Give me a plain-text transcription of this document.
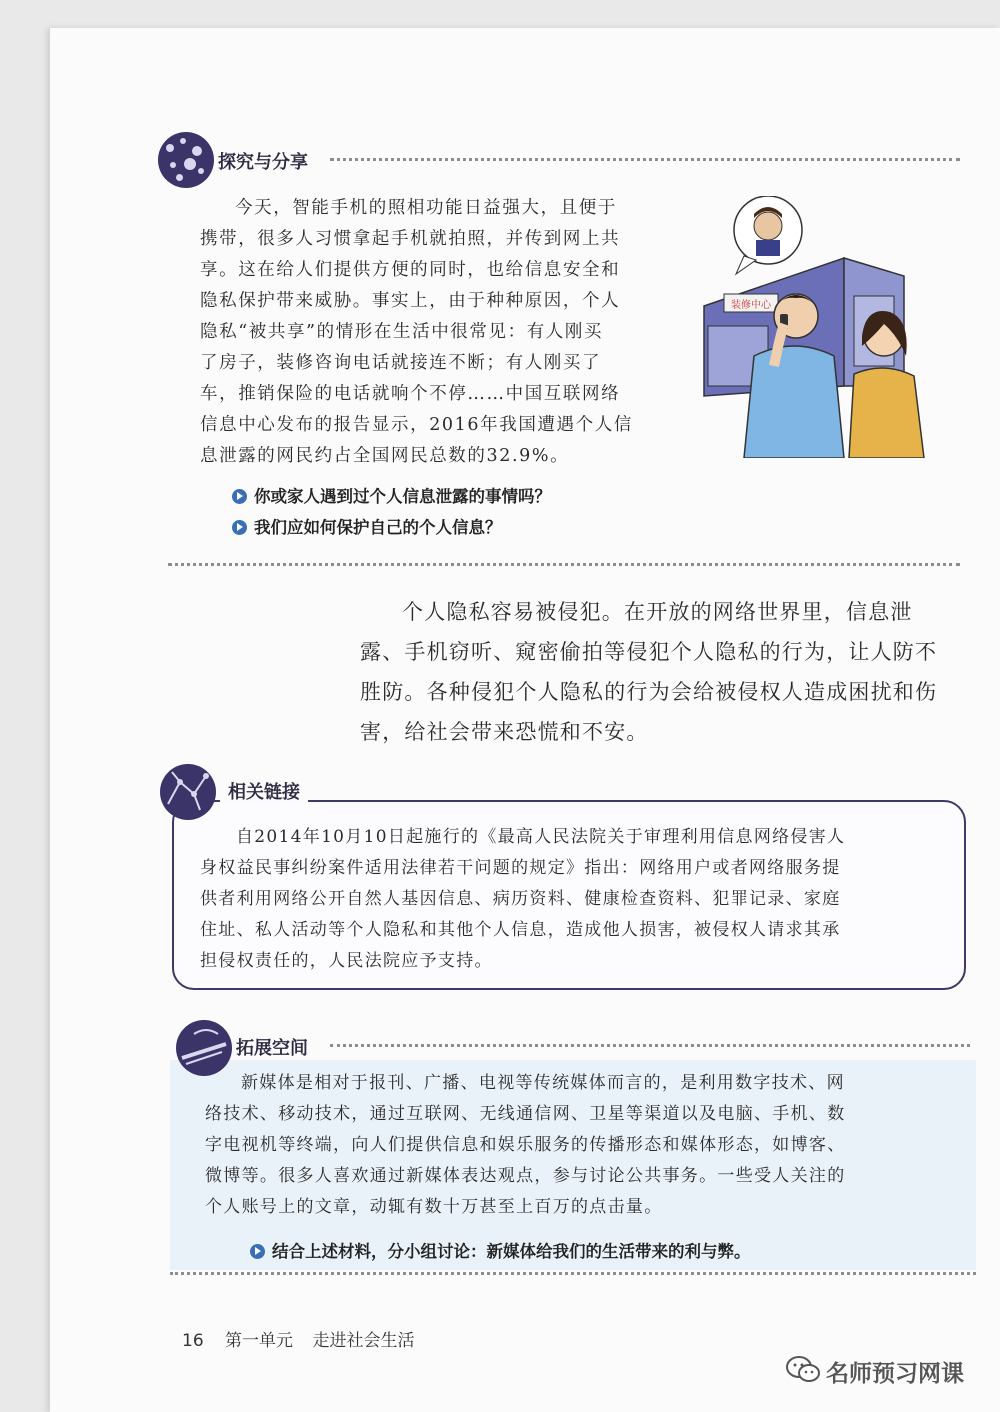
探究与分享
今天，智能手机的照相功能日益强大，且便于
携带，很多人习惯拿起手机就拍照，并传到网上共
享。这在给人们提供方便的同时，也给信息安全和
隐私保护带来威胁。事实上，由于种种原因，个人
隐私“被共享”的情形在生活中很常见：有人刚买
了房子，装修咨询电话就接连不断；有人刚买了
车，推销保险的电话就响个不停……中国互联网络
信息中心发布的报告显示，2016年我国遭遇个人信
息泄露的网民约占全国网民总数的32.9%。
装修中心
你或家人遇到过个人信息泄露的事情吗？
我们应如何保护自己的个人信息？
个人隐私容易被侵犯。在开放的网络世界里，信息泄
露、手机窃听、窥密偷拍等侵犯个人隐私的行为，让人防不
胜防。各种侵犯个人隐私的行为会给被侵权人造成困扰和伤
害，给社会带来恐慌和不安。
相关链接
自2014年10月10日起施行的《最高人民法院关于审理利用信息网络侵害人
身权益民事纠纷案件适用法律若干问题的规定》指出：网络用户或者网络服务提
供者利用网络公开自然人基因信息、病历资料、健康检查资料、犯罪记录、家庭
住址、私人活动等个人隐私和其他个人信息，造成他人损害，被侵权人请求其承
担侵权责任的，人民法院应予支持。
拓展空间
新媒体是相对于报刊、广播、电视等传统媒体而言的，是利用数字技术、网
络技术、移动技术，通过互联网、无线通信网、卫星等渠道以及电脑、手机、数
字电视机等终端，向人们提供信息和娱乐服务的传播形态和媒体形态，如博客、
微博等。很多人喜欢通过新媒体表达观点，参与讨论公共事务。一些受人关注的
个人账号上的文章，动辄有数十万甚至上百万的点击量。
结合上述材料，分小组讨论：新媒体给我们的生活带来的利与弊。
16 第一单元 走进社会生活
名师预习网课
